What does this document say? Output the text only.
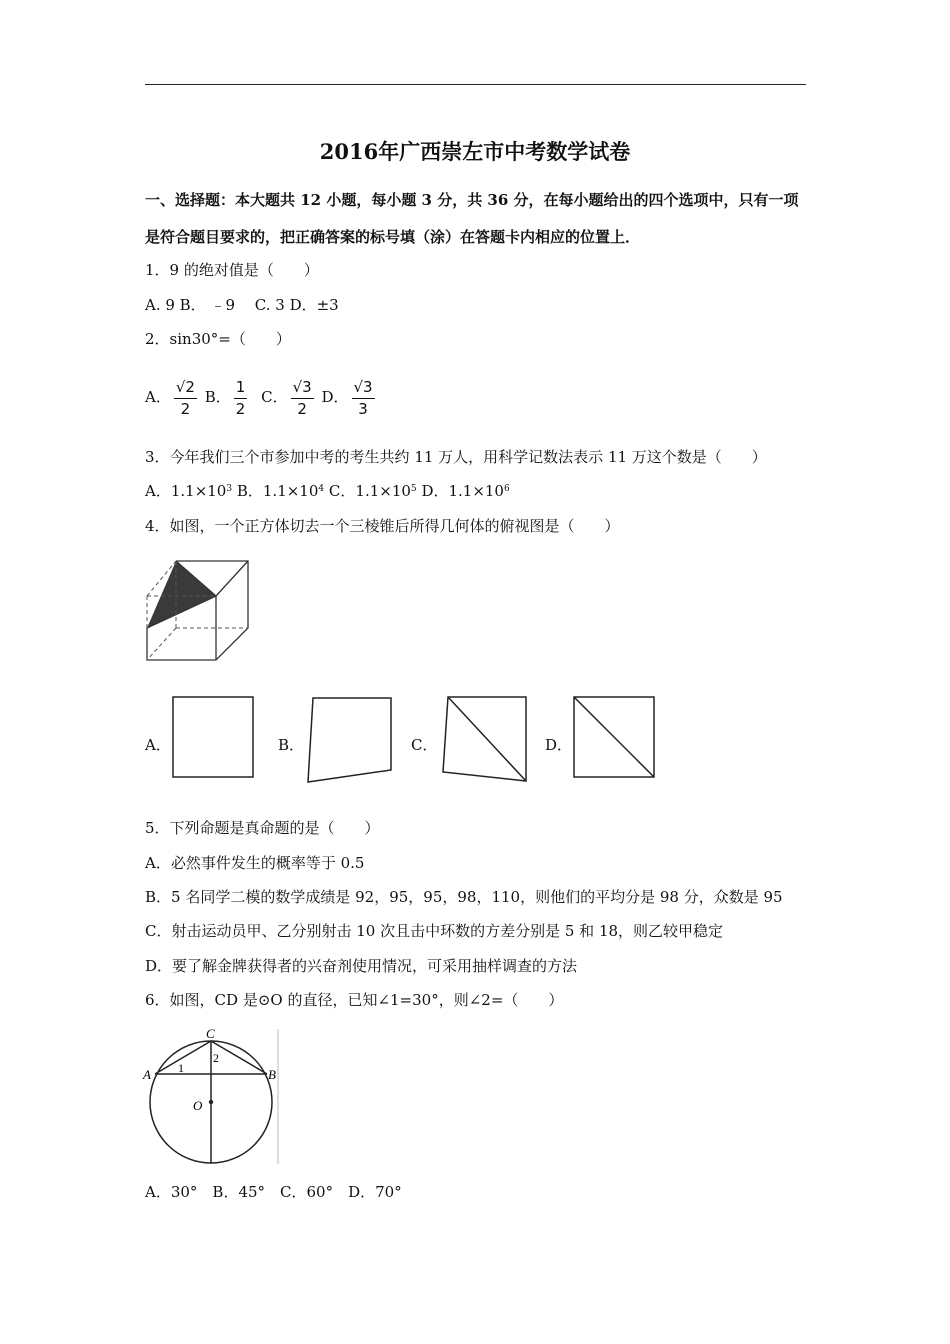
2016年广西崇左市中考数学试卷
一、选择题：本大题共 12 小题，每小题 3 分，共 36 分，在每小题给出的四个选项中，只有一项
是符合题目要求的，把正确答案的标号填（涂）在答题卡内相应的位置上．
1．9 的绝对值是（　　）
A. 9 B． ﹣9 　C. 3 D．±3
2．sin30°=（　　）
A． $\frac{√2}{2}$ B． $\frac{1}{2}$ C． $\frac{√3}{2}$ D． $\frac{√3}{3}$
3．今年我们三个市参加中考的考生共约 11 万人，用科学记数法表示 11 万这个数是（　　）
A．$1.1\times 10^3$ B．$1.1\times 10^4$ C．$1.1\times 10^5$ D．$1.1\times 10^6$
4．如图，一个正方体切去一个三棱锥后所得几何体的俯视图是（　　）
A．	B．	C．	D．
5．下列命题是真命题的是（　　）
A．必然事件发生的概率等于 0.5
B．5 名同学二模的数学成绩是 92，95，95，98，110，则他们的平均分是 98 分，众数是 95
C．射击运动员甲、乙分别射击 10 次且击中环数的方差分别是 5 和 18，则乙较甲稳定
D．要了解金牌获得者的兴奋剂使用情况，可采用抽样调查的方法
6．如图，CD 是⊙O 的直径，已知∠1=30°，则∠2=（　　）
C
A	B
O
1
2
A．30°　B．45°　C．60°　D．70°
